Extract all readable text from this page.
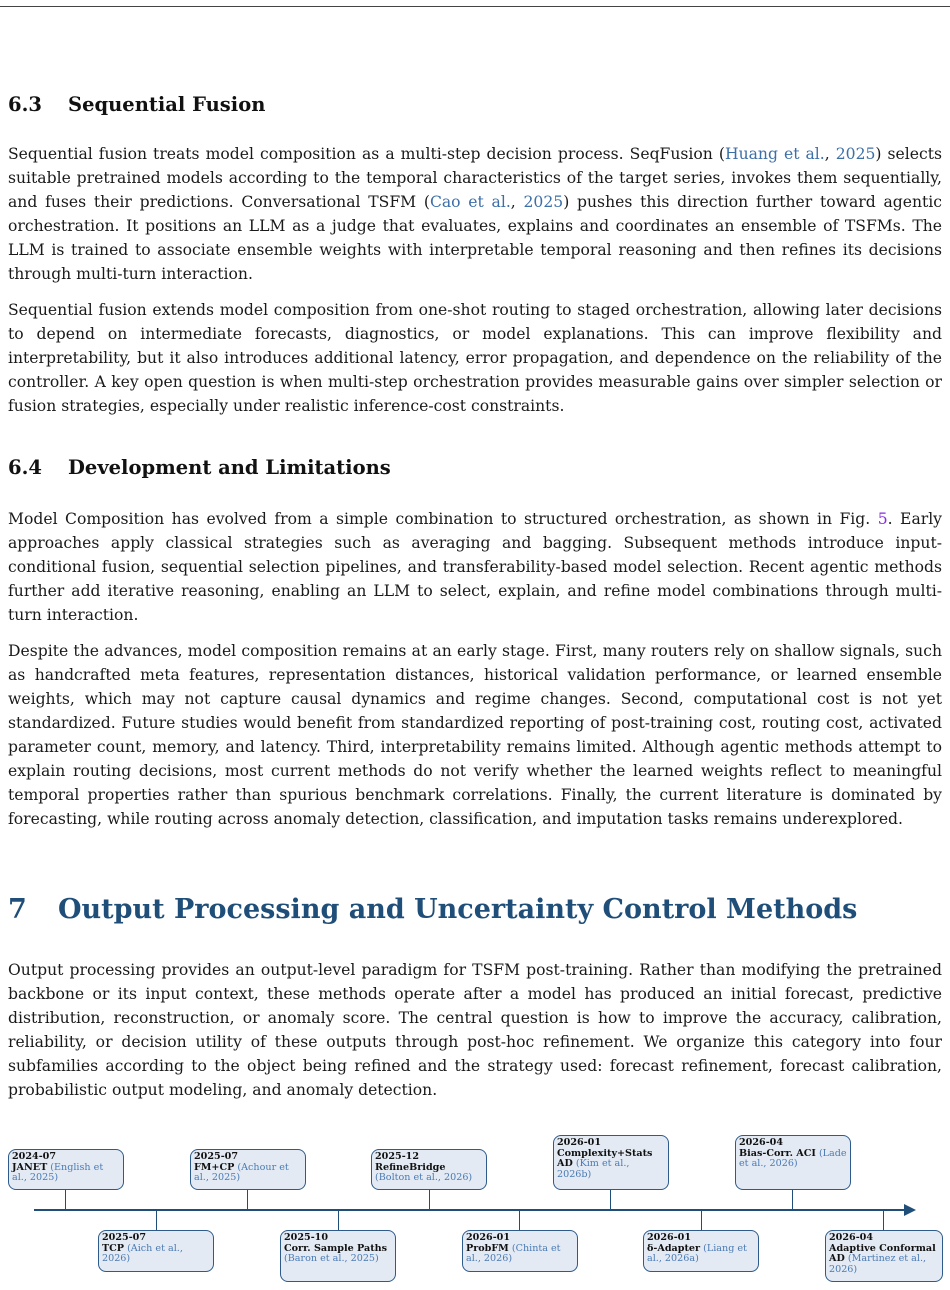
6.3 Sequential Fusion

Sequential fusion treats model composition as a multi-step decision process. SeqFusion (Huang et al., 2025) selects suitable pretrained models according to the temporal characteristics of the target series, invokes them sequentially, and fuses their predictions. Conversational TSFM (Cao et al., 2025) pushes this direction further toward agentic orchestration. It positions an LLM as a judge that evaluates, explains and coordinates an ensemble of TSFMs. The LLM is trained to associate ensemble weights with interpretable temporal reasoning and then refines its decisions through multi-turn interaction.

Sequential fusion extends model composition from one-shot routing to staged orchestration, allowing later decisions to depend on intermediate forecasts, diagnostics, or model explanations. This can improve flexibility and interpretability, but it also introduces additional latency, error propagation, and dependence on the reliability of the controller. A key open question is when multi-step orchestration provides measurable gains over simpler selection or fusion strategies, especially under realistic inference-cost constraints.

6.4 Development and Limitations

Model Composition has evolved from a simple combination to structured orchestration, as shown in Fig. 5. Early approaches apply classical strategies such as averaging and bagging. Subsequent methods introduce input-conditional fusion, sequential selection pipelines, and transferability-based model selection. Recent agentic methods further add iterative reasoning, enabling an LLM to select, explain, and refine model combinations through multi-turn interaction.

Despite the advances, model composition remains at an early stage. First, many routers rely on shallow signals, such as handcrafted meta features, representation distances, historical validation performance, or learned ensemble weights, which may not capture causal dynamics and regime changes. Second, computational cost is not yet standardized. Future studies would benefit from standardized reporting of post-training cost, routing cost, activated parameter count, memory, and latency. Third, interpretability remains limited. Although agentic methods attempt to explain routing decisions, most current methods do not verify whether the learned weights reflect to meaningful temporal properties rather than spurious benchmark correlations. Finally, the current literature is dominated by forecasting, while routing across anomaly detection, classification, and imputation tasks remains underexplored.

7 Output Processing and Uncertainty Control Methods

Output processing provides an output-level paradigm for TSFM post-training. Rather than modifying the pretrained backbone or its input context, these methods operate after a model has produced an initial forecast, predictive distribution, reconstruction, or anomaly score. The central question is how to improve the accuracy, calibration, reliability, or decision utility of these outputs through post-hoc refinement. We organize this category into four subfamilies according to the object being refined and the strategy used: forecast refinement, forecast calibration, probabilistic output modeling, and anomaly detection.

2024-07
JANET (English et al., 2025)
2025-07
FM+CP (Achour et al., 2025)
2025-12
RefineBridge (Bolton et al., 2026)
2026-01
Complexity+Stats AD (Kim et al., 2026b)
2026-04
Bias-Corr. ACI (Lade et al., 2026)
2025-07
TCP (Aich et al., 2026)
2025-10
Corr. Sample Paths (Baron et al., 2025)
2026-01
ProbFM (Chinta et al., 2026)
2026-01
δ-Adapter (Liang et al., 2026a)
2026-04
Adaptive Conformal AD (Martinez et al., 2026)
